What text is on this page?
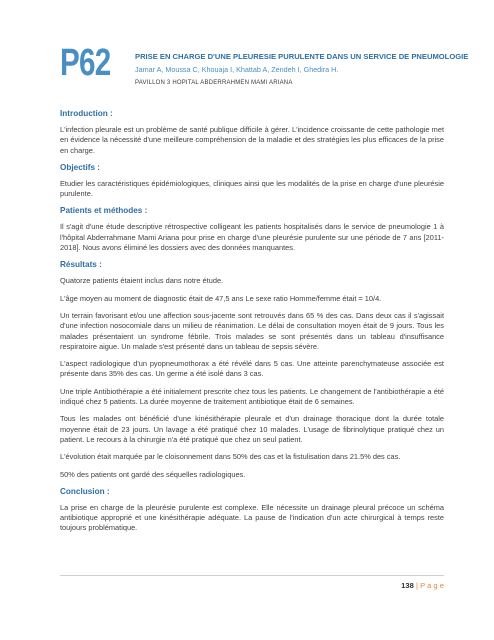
P62	PRISE EN CHARGE D'UNE PLEURESIE PURULENTE DANS UN SERVICE DE PNEUMOLOGIE
Jamar A, Moussa C, Khouaja I, Khattab A, Zendeh I, Ghedira H.
PAVILLON 3 HOPITAL ABDERRAHMEN MAMI ARIANA
Introduction :
L'infection pleurale est un problème de santé publique difficile à gérer. L'incidence croissante de cette pathologie met en évidence la nécessité d'une meilleure compréhension de la maladie et des stratégies les plus efficaces de la prise en charge.
Objectifs :
Etudier les caractéristiques épidémiologiques, cliniques ainsi que les modalités de la prise en charge d'une pleurésie purulente.
Patients et méthodes :
Il s'agit d'une étude descriptive rétrospective colligeant les patients hospitalisés dans le service de pneumologie 1 à l'hôpital Abderrahmane Mami Ariana pour prise en charge d'une pleurésie purulente sur une période de 7 ans [2011-2018]. Nous avons éliminé les dossiers avec des données manquantes.
Résultats :
Quatorze patients étaient inclus dans notre étude.
L'âge moyen au moment de diagnostic était de 47,5 ans Le sexe ratio Homme/femme était = 10/4.
Un terrain favorisant et/ou une affection sous-jacente sont retrouvés dans 65 % des cas. Dans deux cas il s'agissait d'une infection nosocomiale dans un milieu de réanimation. Le délai de consultation moyen était de 9 jours. Tous les malades présentaient un syndrome fébrile. Trois malades se sont présentés dans un tableau d'insuffisance respiratoire aigue. Un malade s'est présenté dans un tableau de sepsis sévère.
L'aspect radiologique d'un pyopneumothorax a été révélé dans 5 cas. Une atteinte parenchymateuse associée est présente dans 35% des cas. Un germe a été isolé dans 3 cas.
Une triple Antibiothérapie a été initialement prescrite chez tous les patients. Le changement de l'antibiothérapie a été indiqué chez 5 patients. La durée moyenne de traitement antibiotique était de 6 semaines.
Tous les malades ont bénéficié d'une kinésithérapie pleurale et d'un drainage thoracique dont la durée totale moyenne était de 23 jours. Un lavage a été pratiqué chez 10 malades. L'usage de fibrinolytique pratiqué chez un patient. Le recours à la chirurgie n'a été pratiqué que chez un seul patient.
L'évolution était marquée par le cloisonnement dans 50% des cas et la fistulisation dans 21.5% des cas.
50% des patients ont gardé des séquelles radiologiques.
Conclusion :
La prise en charge de la pleurésie purulente est complexe. Elle nécessite un drainage pleural précoce un schéma antibiotique approprié et une kinésithérapie adéquate. La pause de l'indication d'un acte chirurgical à temps reste toujours problématique.
138 | P a g e
